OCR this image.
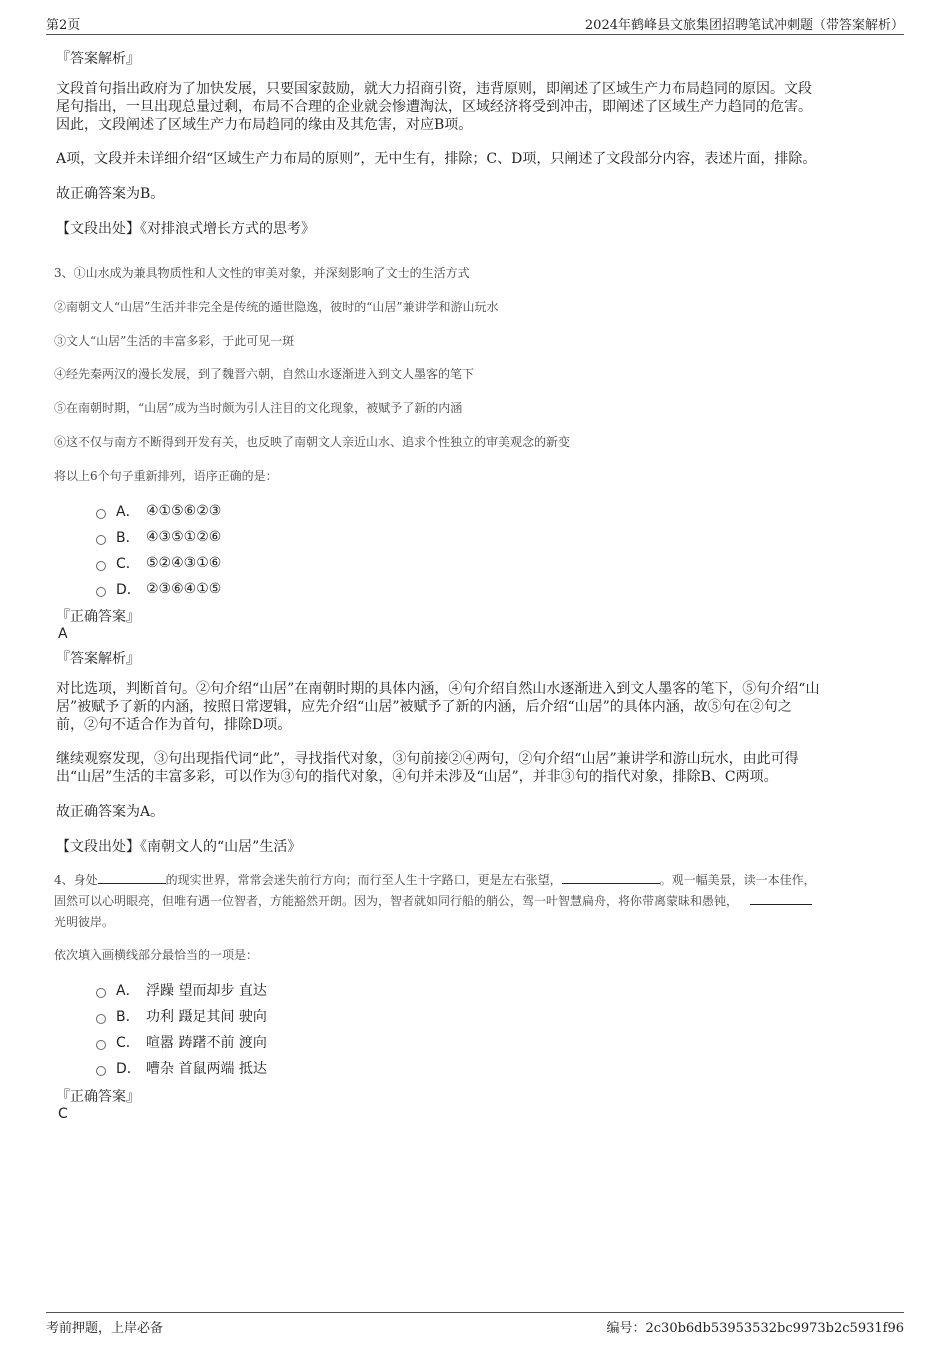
第2页	2024年鹤峰县文旅集团招聘笔试冲刺题（带答案解析）
『答案解析』
文段首句指出政府为了加快发展，只要国家鼓励，就大力招商引资，违背原则，即阐述了区域生产力布局趋同的原因。文段
尾句指出，一旦出现总量过剩，布局不合理的企业就会惨遭淘汰，区域经济将受到冲击，即阐述了区域生产力趋同的危害。
因此，文段阐述了区域生产力布局趋同的缘由及其危害，对应B项。
A项，文段并未详细介绍“区域生产力布局的原则”，无中生有，排除；C、D项，只阐述了文段部分内容，表述片面，排除。
故正确答案为B。
【文段出处】《对排浪式增长方式的思考》
3、①山水成为兼具物质性和人文性的审美对象，并深刻影响了文士的生活方式
②南朝文人“山居”生活并非完全是传统的遁世隐逸，彼时的“山居”兼讲学和游山玩水
③文人“山居”生活的丰富多彩，于此可见一斑
④经先秦两汉的漫长发展，到了魏晋六朝，自然山水逐渐进入到文人墨客的笔下
⑤在南朝时期，“山居”成为当时颇为引人注目的文化现象，被赋予了新的内涵
⑥这不仅与南方不断得到开发有关，也反映了南朝文人亲近山水、追求个性独立的审美观念的新变
将以上6个句子重新排列，语序正确的是：
A． ④①⑤⑥②③
B． ④③⑤①②⑥
C． ⑤②④③①⑥
D． ②③⑥④①⑤
『正确答案』
A
『答案解析』
对比选项，判断首句。②句介绍“山居”在南朝时期的具体内涵，④句介绍自然山水逐渐进入到文人墨客的笔下，⑤句介绍“山
居”被赋予了新的内涵，按照日常逻辑，应先介绍“山居”被赋予了新的内涵，后介绍“山居”的具体内涵，故⑤句在②句之
前，②句不适合作为首句，排除D项。
继续观察发现，③句出现指代词“此”，寻找指代对象，③句前接②④两句，②句介绍“山居”兼讲学和游山玩水，由此可得
出“山居”生活的丰富多彩，可以作为③句的指代对象，④句并未涉及“山居”，并非③句的指代对象，排除B、C两项。
故正确答案为A。
【文段出处】《南朝文人的“山居”生活》
4、身处	的现实世界，常常会迷失前行方向；而行至人生十字路口，更是左右张望，	。观一幅美景，读一本佳作，
固然可以心明眼亮，但唯有遇一位智者，方能豁然开朗。因为，智者就如同行船的艄公，驾一叶智慧扁舟，将你带离蒙昧和愚钝，
光明彼岸。
依次填入画横线部分最恰当的一项是：
A． 浮躁 望而却步 直达
B． 功利 蹑足其间 驶向
C． 喧嚣 踌躇不前 渡向
D． 嘈杂 首鼠两端 抵达
『正确答案』
C
考前押题，上岸必备	编号：2c30b6db53953532bc9973b2c5931f96
